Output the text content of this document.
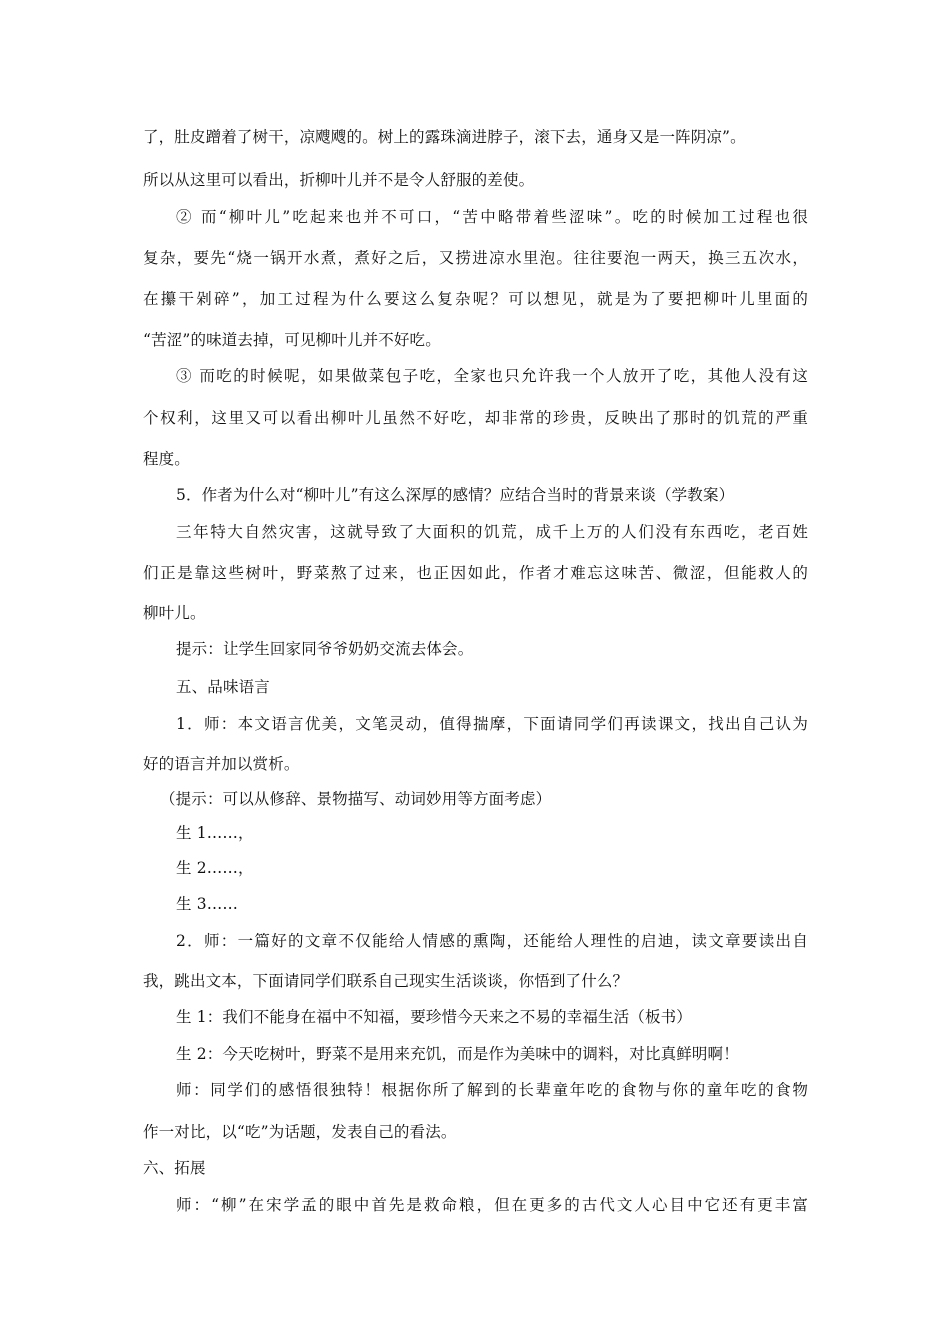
了，肚皮蹭着了树干，凉飕飕的。树上的露珠滴进脖子，滚下去，通身又是一阵阴凉”。
所以从这里可以看出，折柳叶儿并不是令人舒服的差使。
② 而“柳叶儿”吃起来也并不可口，“苦中略带着些涩味”。吃的时候加工过程也很
复杂，要先“烧一锅开水煮，煮好之后，又捞进凉水里泡。往往要泡一两天，换三五次水，
在攥干剁碎”，加工过程为什么要这么复杂呢？可以想见，就是为了要把柳叶儿里面的
“苦涩”的味道去掉，可见柳叶儿并不好吃。
③ 而吃的时候呢，如果做菜包子吃，全家也只允许我一个人放开了吃，其他人没有这
个权利，这里又可以看出柳叶儿虽然不好吃，却非常的珍贵，反映出了那时的饥荒的严重
程度。
5．作者为什么对“柳叶儿”有这么深厚的感情？应结合当时的背景来谈（学教案）
三年特大自然灾害，这就导致了大面积的饥荒，成千上万的人们没有东西吃，老百姓
们正是靠这些树叶，野菜熬了过来，也正因如此，作者才难忘这味苦、微涩，但能救人的
柳叶儿。
提示：让学生回家同爷爷奶奶交流去体会。
五、品味语言
1．师：本文语言优美，文笔灵动，值得揣摩，下面请同学们再读课文，找出自己认为
好的语言并加以赏析。
（提示：可以从修辞、景物描写、动词妙用等方面考虑）
生 1……，
生 2……，
生 3……
2．师：一篇好的文章不仅能给人情感的熏陶，还能给人理性的启迪，读文章要读出自
我，跳出文本，下面请同学们联系自己现实生活谈谈，你悟到了什么？
生 1：我们不能身在福中不知福，要珍惜今天来之不易的幸福生活（板书）
生 2：今天吃树叶，野菜不是用来充饥，而是作为美味中的调料，对比真鲜明啊！
师：同学们的感悟很独特！根据你所了解到的长辈童年吃的食物与你的童年吃的食物
作一对比，以“吃”为话题，发表自己的看法。
六、拓展
师：“柳”在宋学孟的眼中首先是救命粮，但在更多的古代文人心目中它还有更丰富
